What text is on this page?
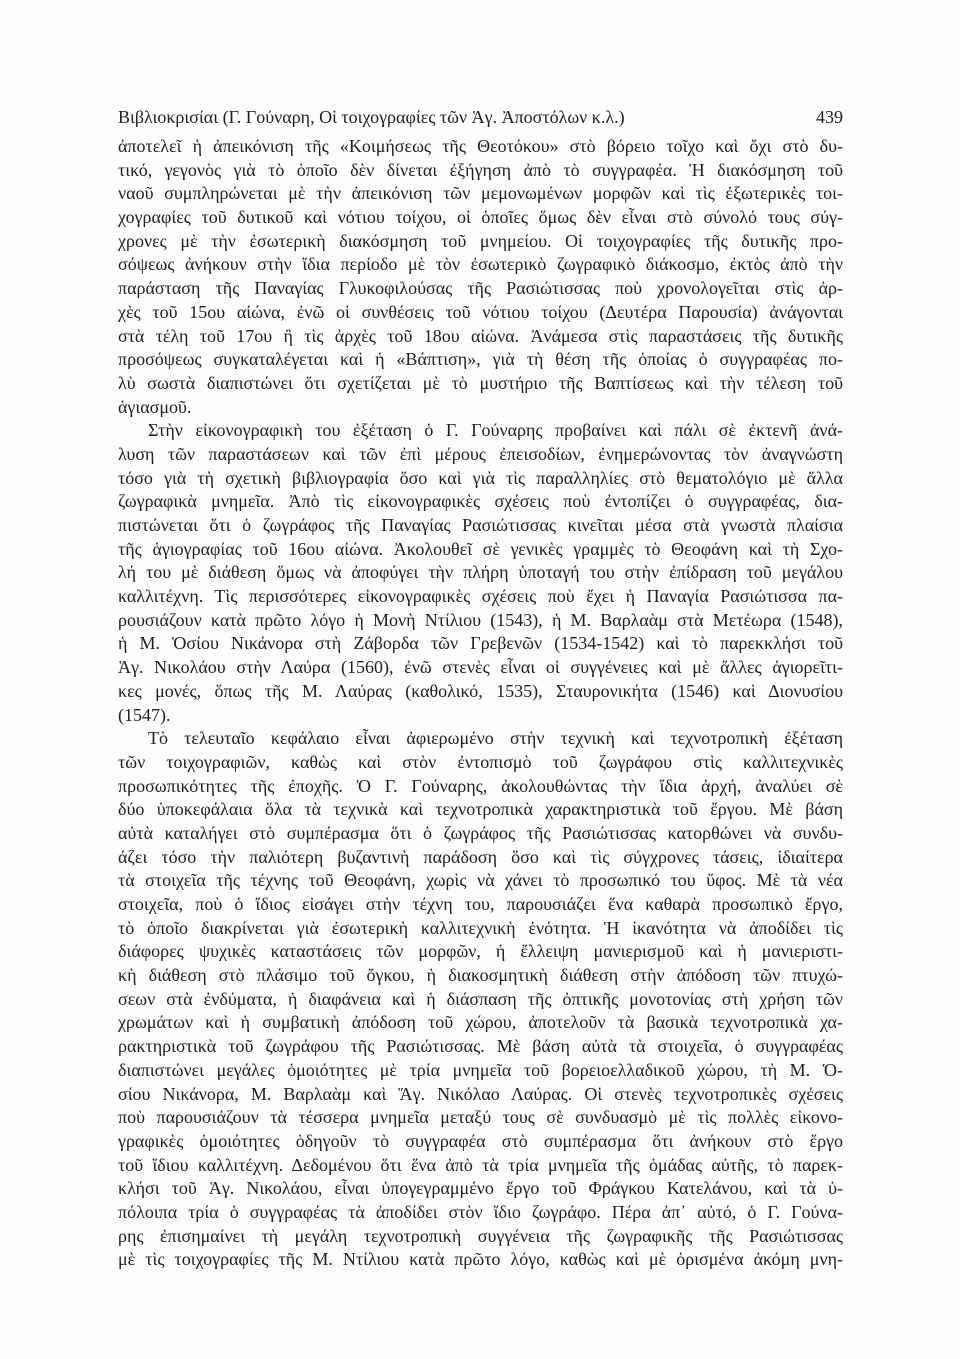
Βιβλιοκρισίαι (Γ. Γούναρη, Οἱ τοιχογραφίες τῶν Ἁγ. Ἀποστόλων κ.λ.)	439
ἀποτελεῖ ἡ ἀπεικόνιση τῆς «Κοιμήσεως τῆς Θεοτόκου» στὸ βόρειο τοῖχο καὶ ὄχι στὸ δυ-
τικό, γεγονὸς γιὰ τὸ ὁποῖο δὲν δίνεται ἐξήγηση ἀπὸ τὸ συγγραφέα. Ἡ διακόσμηση τοῦ
ναοῦ συμπληρώνεται μὲ τὴν ἀπεικόνιση τῶν μεμονωμένων μορφῶν καὶ τὶς ἐξωτερικὲς τοι-
χογραφίες τοῦ δυτικοῦ καὶ νότιου τοίχου, οἱ ὁποῖες ὅμως δὲν εἶναι στὸ σύνολό τους σύγ-
χρονες μὲ τὴν ἐσωτερικὴ διακόσμηση τοῦ μνημείου. Οἱ τοιχογραφίες τῆς δυτικῆς προ-
σόψεως ἀνήκουν στὴν ἴδια περίοδο μὲ τὸν ἐσωτερικὸ ζωγραφικὸ διάκοσμο, ἐκτὸς ἀπὸ τὴν
παράσταση τῆς Παναγίας Γλυκοφιλούσας τῆς Ρασιώτισσας ποὺ χρονολογεῖται στὶς ἀρ-
χὲς τοῦ 15ου αἰώνα, ἐνῶ οἱ συνθέσεις τοῦ νότιου τοίχου (Δευτέρα Παρουσία) ἀνάγονται
στὰ τέλη τοῦ 17ου ἢ τὶς ἀρχὲς τοῦ 18ου αἰώνα. Ἀνάμεσα στὶς παραστάσεις τῆς δυτικῆς
προσόψεως συγκαταλέγεται καὶ ἡ «Βάπτιση», γιὰ τὴ θέση τῆς ὁποίας ὁ συγγραφέας πο-
λὺ σωστὰ διαπιστώνει ὅτι σχετίζεται μὲ τὸ μυστήριο τῆς Βαπτίσεως καὶ τὴν τέλεση τοῦ
ἁγιασμοῦ.
Στὴν εἰκονογραφικὴ του ἐξέταση ὁ Γ. Γούναρης προβαίνει καὶ πάλι σὲ ἐκτενῆ ἀνά-
λυση τῶν παραστάσεων καὶ τῶν ἐπὶ μέρους ἐπεισοδίων, ἐνημερώνοντας τὸν ἀναγνώστη
τόσο γιὰ τὴ σχετικὴ βιβλιογραφία ὅσο καὶ γιὰ τὶς παραλληλίες στὸ θεματολόγιο μὲ ἄλλα
ζωγραφικὰ μνημεῖα. Ἀπὸ τὶς εἰκονογραφικὲς σχέσεις ποὺ ἐντοπίζει ὁ συγγραφέας, δια-
πιστώνεται ὅτι ὁ ζωγράφος τῆς Παναγίας Ρασιώτισσας κινεῖται μέσα στὰ γνωστὰ πλαίσια
τῆς ἁγιογραφίας τοῦ 16ου αἰώνα. Ἀκολουθεῖ σὲ γενικὲς γραμμὲς τὸ Θεοφάνη καὶ τὴ Σχο-
λή του μὲ διάθεση ὅμως νὰ ἀποφύγει τὴν πλήρη ὑποταγή του στὴν ἐπίδραση τοῦ μεγάλου
καλλιτέχνη. Τὶς περισσότερες εἰκονογραφικὲς σχέσεις ποὺ ἔχει ἡ Παναγία Ρασιώτισσα πα-
ρουσιάζουν κατὰ πρῶτο λόγο ἡ Μονὴ Ντίλιου (1543), ἡ Μ. Βαρλαὰμ στὰ Μετέωρα (1548),
ἡ Μ. Ὁσίου Νικάνορα στὴ Ζάβορδα τῶν Γρεβενῶν (1534-1542) καὶ τὸ παρεκκλήσι τοῦ
Ἁγ. Νικολάου στὴν Λαύρα (1560), ἐνῶ στενὲς εἶναι οἱ συγγένειες καὶ μὲ ἄλλες ἁγιορεῖτι-
κες μονές, ὅπως τῆς Μ. Λαύρας (καθολικό, 1535), Σταυρονικήτα (1546) καὶ Διονυσίου
(1547).
Τὸ τελευταῖο κεφάλαιο εἶναι ἀφιερωμένο στὴν τεχνικὴ καὶ τεχνοτροπικὴ ἐξέταση
τῶν τοιχογραφιῶν, καθὼς καὶ στὸν ἐντοπισμὸ τοῦ ζωγράφου στὶς καλλιτεχνικὲς
προσωπικότητες τῆς ἐποχῆς. Ὁ Γ. Γούναρης, ἀκολουθώντας τὴν ἴδια ἀρχή, ἀναλύει σὲ
δύο ὑποκεφάλαια ὅλα τὰ τεχνικὰ καὶ τεχνοτροπικὰ χαρακτηριστικὰ τοῦ ἔργου. Μὲ βάση
αὐτὰ καταλήγει στὸ συμπέρασμα ὅτι ὁ ζωγράφος τῆς Ρασιώτισσας κατορθώνει νὰ συνδυ-
άζει τόσο τὴν παλιότερη βυζαντινὴ παράδοση ὅσο καὶ τὶς σύγχρονες τάσεις, ἰδιαίτερα
τὰ στοιχεῖα τῆς τέχνης τοῦ Θεοφάνη, χωρὶς νὰ χάνει τὸ προσωπικό του ὕφος. Μὲ τὰ νέα
στοιχεῖα, ποὺ ὁ ἴδιος εἰσάγει στὴν τέχνη του, παρουσιάζει ἕνα καθαρὰ προσωπικὸ ἔργο,
τὸ ὁποῖο διακρίνεται γιὰ ἐσωτερικὴ καλλιτεχνικὴ ἑνότητα. Ἡ ἱκανότητα νὰ ἀποδίδει τὶς
διάφορες ψυχικὲς καταστάσεις τῶν μορφῶν, ἡ ἔλλειψη μανιερισμοῦ καὶ ἡ μανιεριστι-
κὴ διάθεση στὸ πλάσιμο τοῦ ὄγκου, ἡ διακοσμητικὴ διάθεση στὴν ἀπόδοση τῶν πτυχώ-
σεων στὰ ἐνδύματα, ἡ διαφάνεια καὶ ἡ διάσπαση τῆς ὀπτικῆς μονοτονίας στὴ χρήση τῶν
χρωμάτων καὶ ἡ συμβατικὴ ἀπόδοση τοῦ χώρου, ἀποτελοῦν τὰ βασικὰ τεχνοτροπικὰ χα-
ρακτηριστικὰ τοῦ ζωγράφου τῆς Ρασιώτισσας. Μὲ βάση αὐτὰ τὰ στοιχεῖα, ὁ συγγραφέας
διαπιστώνει μεγάλες ὁμοιότητες μὲ τρία μνημεῖα τοῦ βορειοελλαδικοῦ χώρου, τὴ Μ. Ὁ-
σίου Νικάνορα, Μ. Βαρλαὰμ καὶ Ἅγ. Νικόλαο Λαύρας. Οἱ στενὲς τεχνοτροπικὲς σχέσεις
ποὺ παρουσιάζουν τὰ τέσσερα μνημεῖα μεταξύ τους σὲ συνδυασμὸ μὲ τὶς πολλὲς εἰκονο-
γραφικὲς ὁμοιότητες ὁδηγοῦν τὸ συγγραφέα στὸ συμπέρασμα ὅτι ἀνήκουν στὸ ἔργο
τοῦ ἴδιου καλλιτέχνη. Δεδομένου ὅτι ἕνα ἀπὸ τὰ τρία μνημεῖα τῆς ὁμάδας αὐτῆς, τὸ παρεκ-
κλήσι τοῦ Ἁγ. Νικολάου, εἶναι ὑπογεγραμμένο ἔργο τοῦ Φράγκου Κατελάνου, καὶ τὰ ὑ-
πόλοιπα τρία ὁ συγγραφέας τὰ ἀποδίδει στὸν ἴδιο ζωγράφο. Πέρα ἀπ᾿ αὐτό, ὁ Γ. Γούνα-
ρης ἐπισημαίνει τὴ μεγάλη τεχνοτροπικὴ συγγένεια τῆς ζωγραφικῆς τῆς Ρασιώτισσας
μὲ τὶς τοιχογραφίες τῆς Μ. Ντίλιου κατὰ πρῶτο λόγο, καθὼς καὶ μὲ ὁρισμένα ἀκόμη μνη-
